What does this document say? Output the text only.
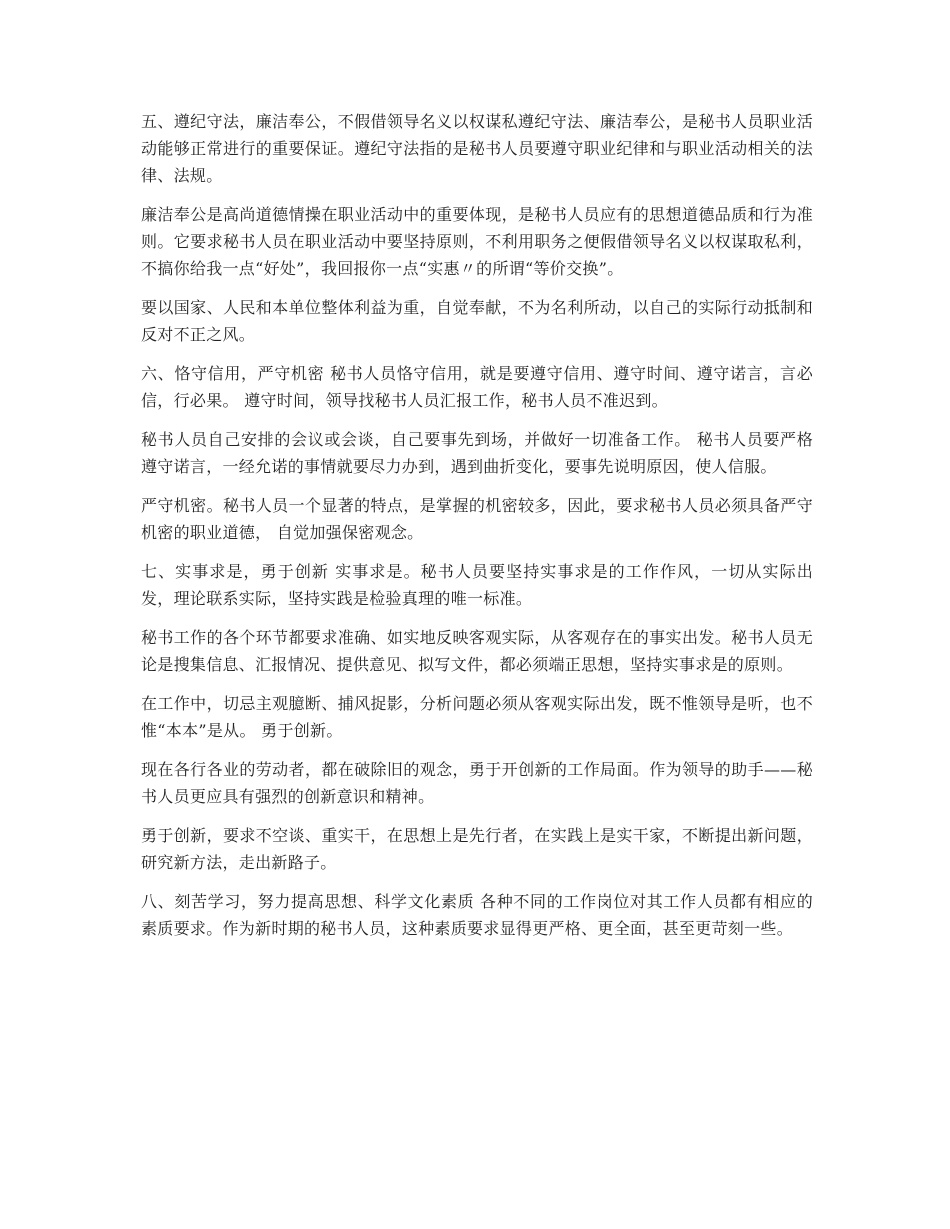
五、遵纪守法，廉洁奉公，不假借领导名义以权谋私遵纪守法、廉洁奉公，是秘书人员职业活动能够正常进行的重要保证。遵纪守法指的是秘书人员要遵守职业纪律和与职业活动相关的法律、法规。

廉洁奉公是高尚道德情操在职业活动中的重要体现，是秘书人员应有的思想道德品质和行为准则。它要求秘书人员在职业活动中要坚持原则，不利用职务之便假借领导名义以权谋取私利，不搞你给我一点“好处”，我回报你一点“实惠〃的所谓“等价交换”。

要以国家、人民和本单位整体利益为重，自觉奉献，不为名利所动，以自己的实际行动抵制和反对不正之风。

六、恪守信用，严守机密 秘书人员恪守信用，就是要遵守信用、遵守时间、遵守诺言，言必信，行必果。 遵守时间，领导找秘书人员汇报工作，秘书人员不准迟到。

秘书人员自己安排的会议或会谈，自己要事先到场，并做好一切准备工作。 秘书人员要严格遵守诺言，一经允诺的事情就要尽力办到，遇到曲折变化，要事先说明原因，使人信服。

严守机密。秘书人员一个显著的特点，是掌握的机密较多，因此，要求秘书人员必须具备严守机密的职业道德， 自觉加强保密观念。

七、实事求是，勇于创新 实事求是。秘书人员要坚持实事求是的工作作风，一切从实际出发，理论联系实际，坚持实践是检验真理的唯一标准。

秘书工作的各个环节都要求准确、如实地反映客观实际，从客观存在的事实出发。秘书人员无论是搜集信息、汇报情况、提供意见、拟写文件，都必须端正思想，坚持实事求是的原则。

在工作中，切忌主观臆断、捕风捉影，分析问题必须从客观实际出发，既不惟领导是听，也不惟“本本”是从。 勇于创新。

现在各行各业的劳动者，都在破除旧的观念，勇于开创新的工作局面。作为领导的助手——秘书人员更应具有强烈的创新意识和精神。

勇于创新，要求不空谈、重实干，在思想上是先行者，在实践上是实干家，不断提出新问题，研究新方法，走出新路子。

八、刻苦学习，努力提高思想、科学文化素质 各种不同的工作岗位对其工作人员都有相应的素质要求。作为新时期的秘书人员，这种素质要求显得更严格、更全面，甚至更苛刻一些。
